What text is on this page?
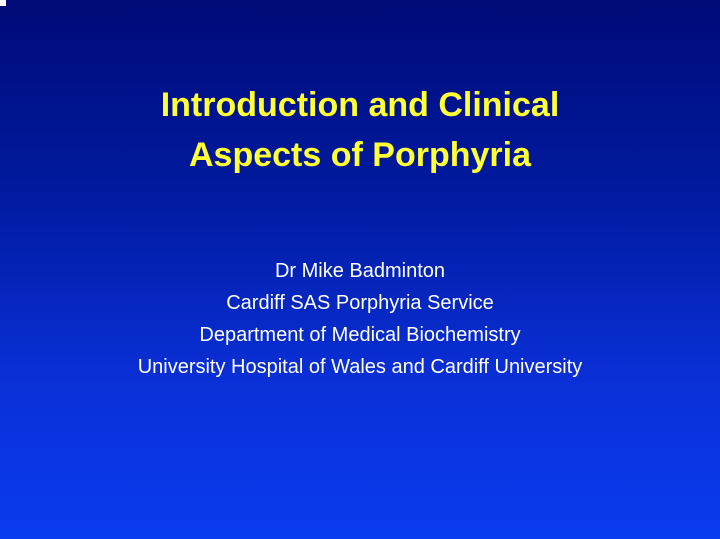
Introduction and Clinical
Aspects of Porphyria
Dr Mike Badminton
Cardiff SAS Porphyria Service
Department of Medical Biochemistry
University Hospital of Wales and Cardiff University
